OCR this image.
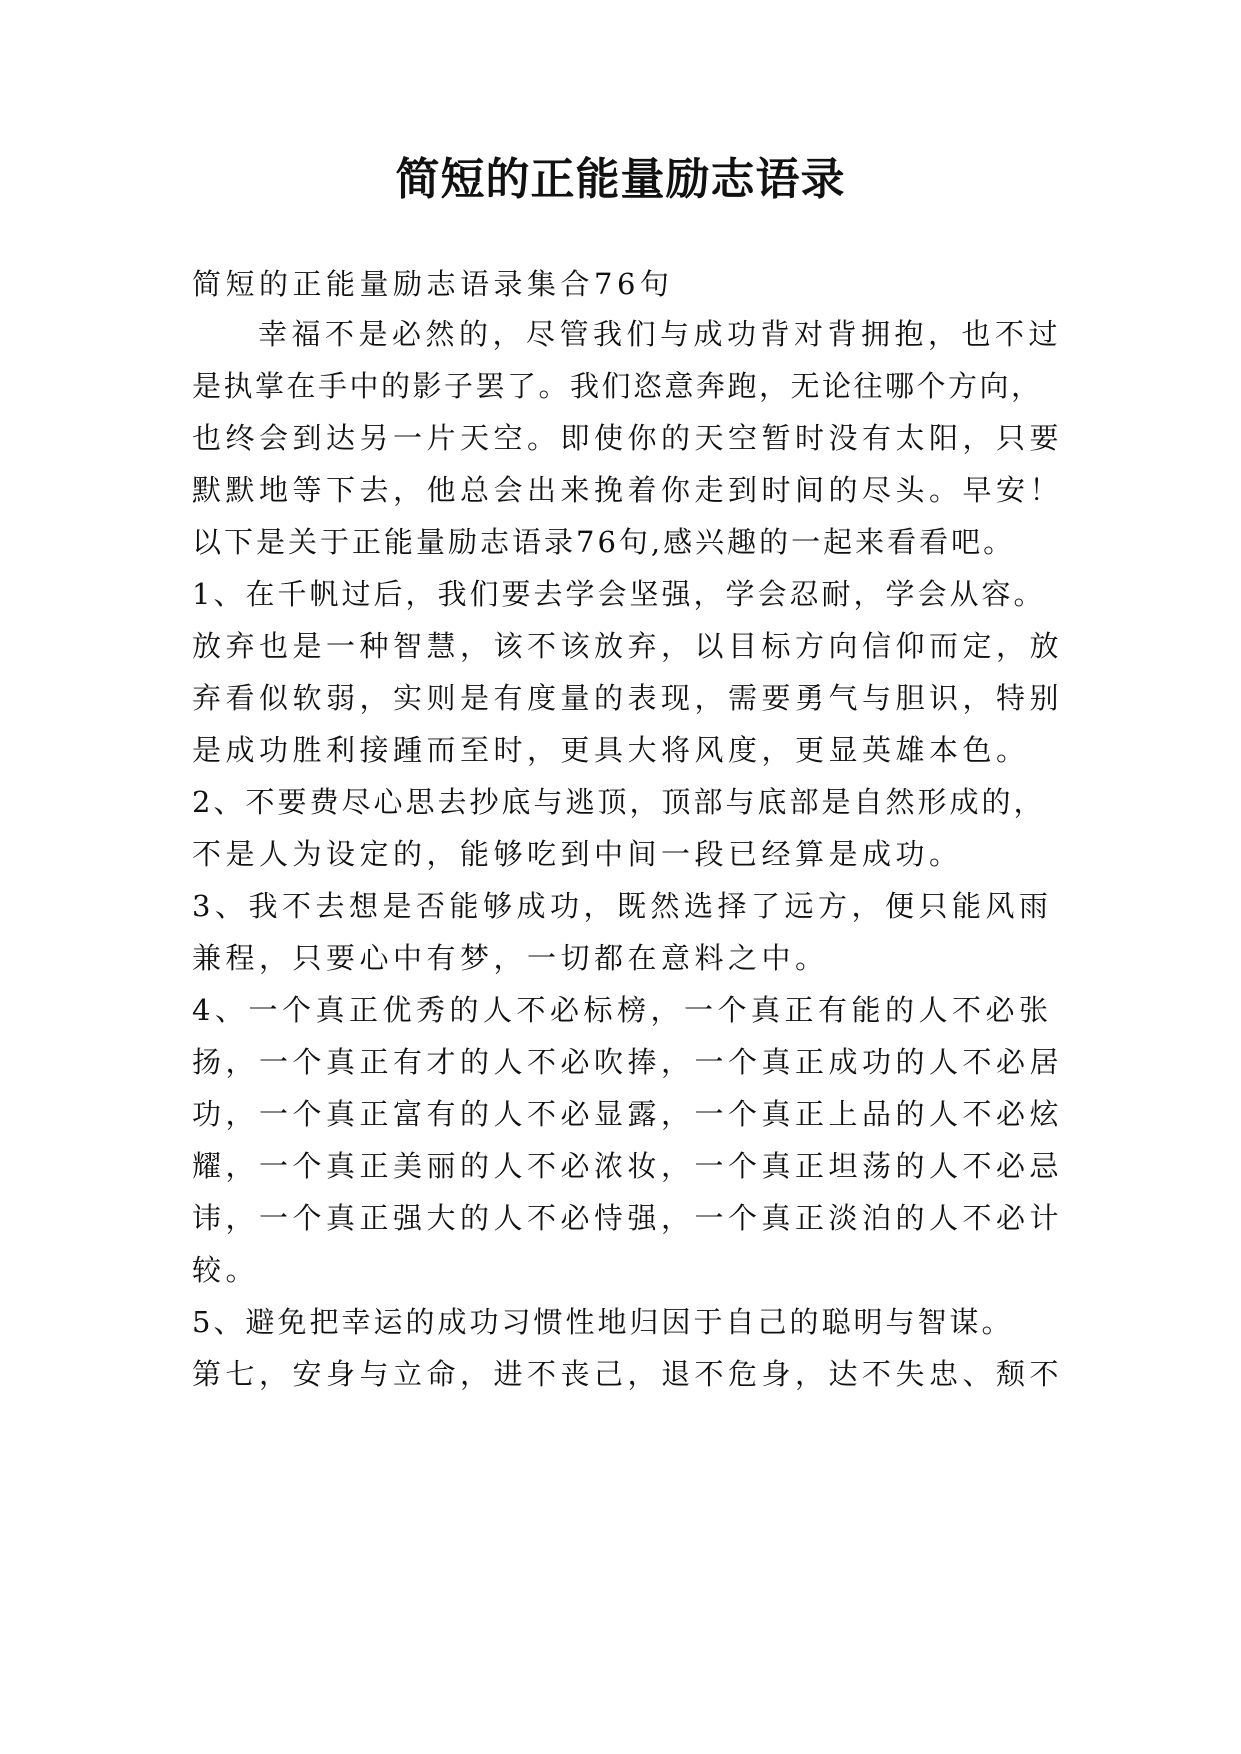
简短的正能量励志语录
简短的正能量励志语录集合76句
幸福不是必然的，尽管我们与成功背对背拥抱，也不过
是执掌在手中的影子罢了。我们恣意奔跑，无论往哪个方向，
也终会到达另一片天空。即使你的天空暂时没有太阳，只要
默默地等下去，他总会出来挽着你走到时间的尽头。早安！
以下是关于正能量励志语录76句,感兴趣的一起来看看吧。
1、在千帆过后，我们要去学会坚强，学会忍耐，学会从容。
放弃也是一种智慧，该不该放弃，以目标方向信仰而定，放
弃看似软弱，实则是有度量的表现，需要勇气与胆识，特别
是成功胜利接踵而至时，更具大将风度，更显英雄本色。
2、不要费尽心思去抄底与逃顶，顶部与底部是自然形成的，
不是人为设定的，能够吃到中间一段已经算是成功。
3、我不去想是否能够成功，既然选择了远方，便只能风雨
兼程，只要心中有梦，一切都在意料之中。
4、一个真正优秀的人不必标榜，一个真正有能的人不必张
扬，一个真正有才的人不必吹捧，一个真正成功的人不必居
功，一个真正富有的人不必显露，一个真正上品的人不必炫
耀，一个真正美丽的人不必浓妆，一个真正坦荡的人不必忌
讳，一个真正强大的人不必恃强，一个真正淡泊的人不必计
较。
5、避免把幸运的成功习惯性地归因于自己的聪明与智谋。
第七，安身与立命，进不丧己，退不危身，达不失忠、颓不
